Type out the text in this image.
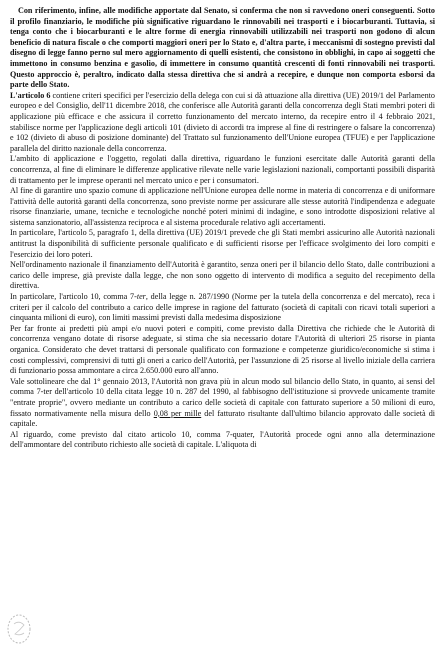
Con riferimento, infine, alle modifiche apportate dal Senato, si conferma che non si ravvedono oneri conseguenti. Sotto il profilo finanziario, le modifiche più significative riguardano le rinnovabili nei trasporti e i biocarburanti. Tuttavia, si tenga conto che i biocarburanti e le altre forme di energia rinnovabili utilizzabili nei trasporti non godono di alcun beneficio di natura fiscale o che comporti maggiori oneri per lo Stato e, d'altra parte, i meccanismi di sostegno previsti dal disegno di legge fanno perno sul mero aggiornamento di quelli esistenti, che consistono in obblighi, in capo ai soggetti che immettono in consumo benzina e gasolio, di immettere in consumo quantità crescenti di fonti rinnovabili nei trasporti. Questo approccio è, peraltro, indicato dalla stessa direttiva che si andrà a recepire, e dunque non comporta esborsi da parte dello Stato.

L'articolo 6 contiene criteri specifici per l'esercizio della delega con cui si dà attuazione alla direttiva (UE) 2019/1 del Parlamento europeo e del Consiglio, dell'11 dicembre 2018, che conferisce alle Autorità garanti della concorrenza degli Stati membri poteri di applicazione più efficace e che assicura il corretto funzionamento del mercato interno, da recepire entro il 4 febbraio 2021, stabilisce norme per l'applicazione degli articoli 101 (divieto di accordi tra imprese al fine di restringere o falsare la concorrenza) e 102 (divieto di abuso di posizione dominante) del Trattato sul funzionamento dell'Unione europea (TFUE) e per l'applicazione parallela del diritto nazionale della concorrenza.

L'ambito di applicazione e l'oggetto, regolati dalla direttiva, riguardano le funzioni esercitate dalle Autorità garanti della concorrenza, al fine di eliminare le differenze applicative rilevate nelle varie legislazioni nazionali, comportanti possibili disparità di trattamento per le imprese operanti nel mercato unico e per i consumatori.

Al fine di garantire uno spazio comune di applicazione nell'Unione europea delle norme in materia di concorrenza e di uniformare l'attività delle autorità garanti della concorrenza, sono previste norme per assicurare alle stesse autorità l'indipendenza e adeguate risorse finanziarie, umane, tecniche e tecnologiche nonché poteri minimi di indagine, e sono introdotte disposizioni relative al sistema sanzionatorio, all'assistenza reciproca e al sistema procedurale relativo agli accertamenti.

In particolare, l'articolo 5, paragrafo 1, della direttiva (UE) 2019/1 prevede che gli Stati membri assicurino alle Autorità nazionali antitrust la disponibilità di sufficiente personale qualificato e di sufficienti risorse per l'efficace svolgimento dei loro compiti e l'esercizio dei loro poteri.

Nell'ordinamento nazionale il finanziamento dell'Autorità è garantito, senza oneri per il bilancio dello Stato, dalle contribuzioni a carico delle imprese, già previste dalla legge, che non sono oggetto di intervento di modifica a seguito del recepimento della direttiva.

In particolare, l'articolo 10, comma 7-ter, della legge n. 287/1990 (Norme per la tutela della concorrenza e del mercato), reca i criteri per il calcolo del contributo a carico delle imprese in ragione del fatturato (società di capitali con ricavi totali superiori a cinquanta milioni di euro), con limiti massimi previsti dalla medesima disposizione

Per far fronte ai predetti più ampi e/o nuovi poteri e compiti, come previsto dalla Direttiva che richiede che le Autorità di concorrenza vengano dotate di risorse adeguate, si stima che sia necessario dotare l'Autorità di ulteriori 25 risorse in pianta organica. Considerato che devet trattarsi di personale qualificato con formazione e competenze giuridico/economiche si stima i costi complessivi, comprensivi di tutti gli oneri a carico dell'Autorità, per l'assunzione di 25 risorse al livello iniziale della carriera di funzionario possa ammontare a circa 2.650.000 euro all'anno.

Vale sottolineare che dal 1° gennaio 2013, l'Autorità non grava più in alcun modo sul bilancio dello Stato, in quanto, ai sensi del comma 7-ter dell'articolo 10 della citata legge 10 n. 287 del 1990, al fabbisogno dell'istituzione si provvede unicamente tramite "entrate proprie", ovvero mediante un contributo a carico delle società di capitale con fatturato superiore a 50 milioni di euro, fissato normativamente nella misura dello 0,08 per mille del fatturato risultante dall'ultimo bilancio approvato dalle società di capitale.

Al riguardo, come previsto dal citato articolo 10, comma 7-quater, l'Autorità procede ogni anno alla determinazione dell'ammontare del contributo richiesto alle società di capitale. L'aliquota di
